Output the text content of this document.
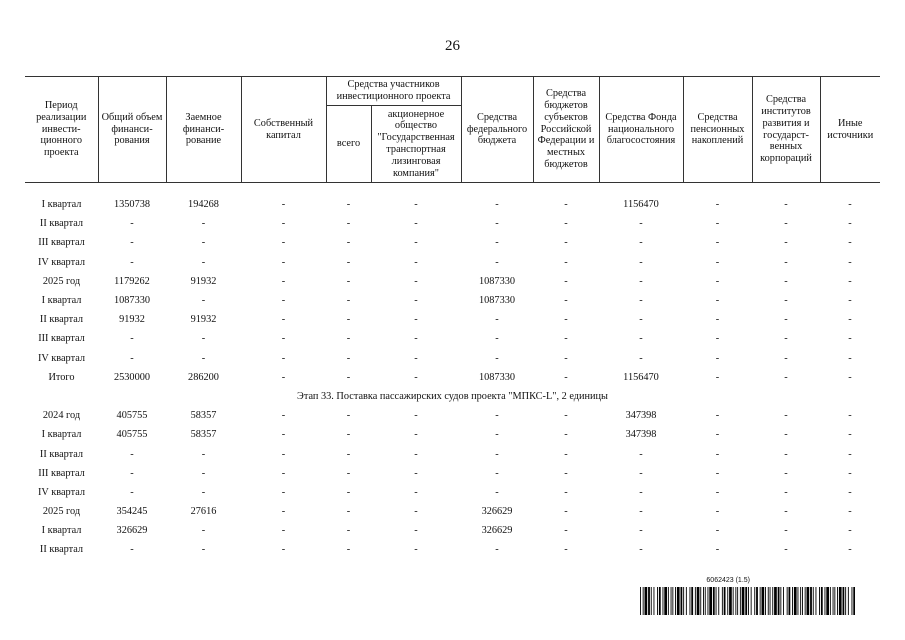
26
Период реализации инвести-ционного проекта	Общий объем финанси-рования	Заемное финанси-рование	Собственный капитал	Средства участников инвестиционного проекта		Средства федерального бюджета	Средства бюджетов субъектов Российской Федерации и местных бюджетов	Средства Фонда национального благосостояния	Средства пенсионных накоплений	Средства институтов развития и государст-венных корпораций	Иные источники
				всего	акционерное общество "Государственная транспортная лизинговая компания"						

I квартал	1350738	194268	-	-	-	-	-	1156470	-	-	-
II квартал	-	-	-	-	-	-	-	-	-	-	-
III квартал	-	-	-	-	-	-	-	-	-	-	-
IV квартал	-	-	-	-	-	-	-	-	-	-	-
2025 год	1179262	91932	-	-	-	1087330	-	-	-	-	-
I квартал	1087330	-	-	-	-	1087330	-	-	-	-	-
II квартал	91932	91932	-	-	-	-	-	-	-	-	-
III квартал	-	-	-	-	-	-	-	-	-	-	-
IV квартал	-	-	-	-	-	-	-	-	-	-	-
Итого	2530000	286200	-	-	-	1087330	-	1156470	-	-	-
Этап 33. Поставка пассажирских судов проекта "МПКС-L", 2 единицы											
2024 год	405755	58357	-	-	-	-	-	347398	-	-	-
I квартал	405755	58357	-	-	-	-	-	347398	-	-	-
II квартал	-	-	-	-	-	-	-	-	-	-	-
III квартал	-	-	-	-	-	-	-	-	-	-	-
IV квартал	-	-	-	-	-	-	-	-	-	-	-
2025 год	354245	27616	-	-	-	326629	-	-	-	-	-
I квартал	326629	-	-	-	-	326629	-	-	-	-	-
II квартал	-	-	-	-	-	-	-	-	-	-	-
6062423 (1.5)
